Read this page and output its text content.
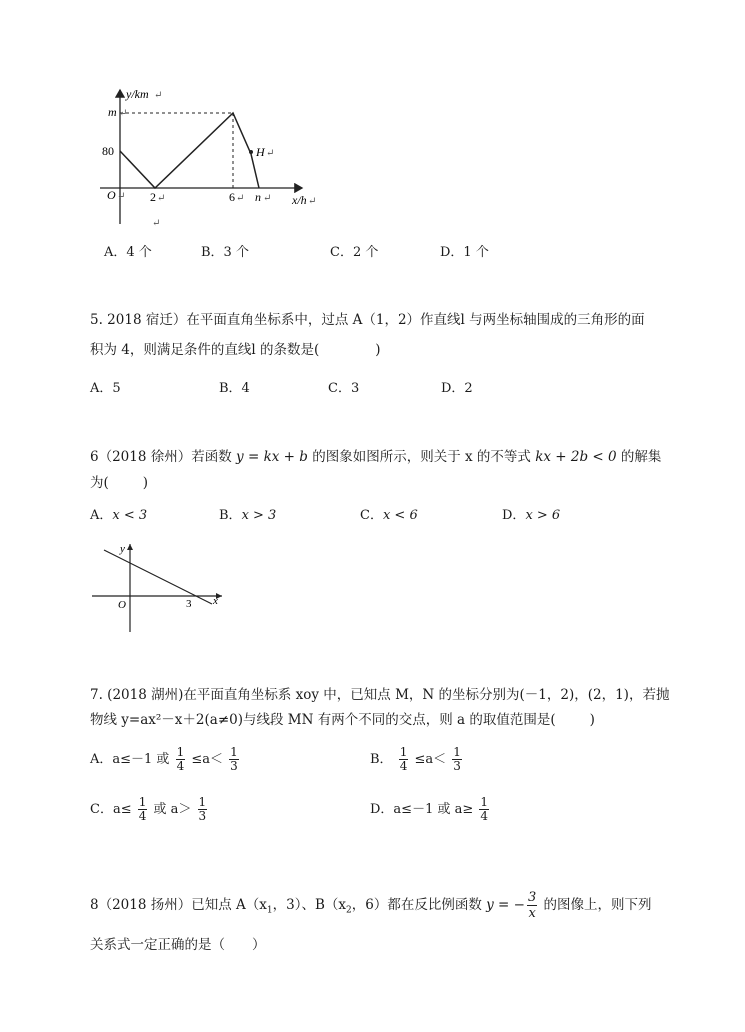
y/km ↵
m ↵
80
O ↵ 2 ↵	6 ↵ n ↵
H ↵
x/h ↵
↵
A．4 个	B．3 个	C．2 个	D．1 个
5. 2018 宿迁）在平面直角坐标系中，过点 A（1，2）作直线l 与两坐标轴围成的三角形的面
积为 4，则满足条件的直线l 的条数是(	)
A．5	B．4	C．3	D．2
6（2018 徐州）若函数 y = kx + b 的图象如图所示，则关于 x 的不等式 kx + 2b < 0 的解集
为(	)
A．x < 3	B．x > 3	C．x < 6	D．x > 6
y
x
O	3
7. (2018 湖州)在平面直角坐标系 xoy 中，已知点 M，N 的坐标分别为(－1，2)，(2，1)，若抛
物线 y=ax²－x＋2(a≠0)与线段 MN 有两个不同的交点，则 a 的取值范围是(	)
A．a≤－1 或 $\frac{1}{4} \le a< \frac{1}{3}$	B． $\frac{1}{4} \le a< \frac{1}{3}$
C．$a\le \frac{1}{4}$ 或 $a> \frac{1}{3}$	D．a≤－1 或 $a\ge \frac{1}{4}$
8（2018 扬州）已知点 $A(x_1$，3）、$B(x_2$，6）都在反比例函数 y = − $\frac{3}{x}$ 的图像上，则下列
关系式一定正确的是（　　）
